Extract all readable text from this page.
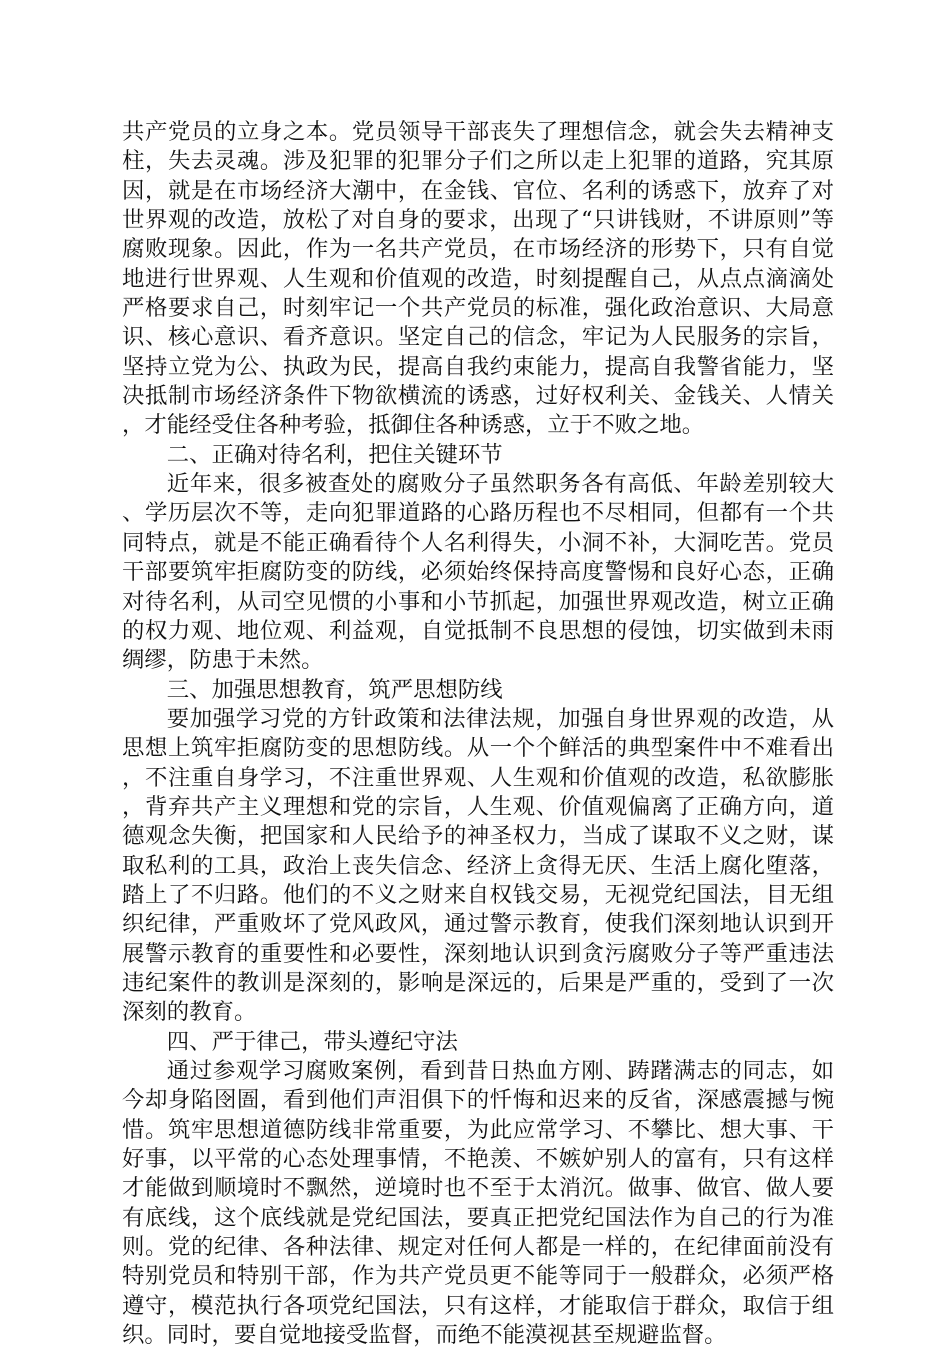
共产党员的立身之本。党员领导干部丧失了理想信念，就会失去精神支柱，失去灵魂。涉及犯罪的犯罪分子们之所以走上犯罪的道路，究其原因，就是在市场经济大潮中，在金钱、官位、名利的诱惑下，放弃了对世界观的改造，放松了对自身的要求，出现了“只讲钱财，不讲原则”等腐败现象。因此，作为一名共产党员，在市场经济的形势下，只有自觉地进行世界观、人生观和价值观的改造，时刻提醒自己，从点点滴滴处严格要求自己，时刻牢记一个共产党员的标准，强化政治意识、大局意识、核心意识、看齐意识。坚定自己的信念，牢记为人民服务的宗旨，坚持立党为公、执政为民，提高自我约束能力，提高自我警省能力，坚决抵制市场经济条件下物欲横流的诱惑，过好权利关、金钱关、人情关，才能经受住各种考验，抵御住各种诱惑，立于不败之地。

二、正确对待名利，把住关键环节

近年来，很多被查处的腐败分子虽然职务各有高低、年龄差别较大、学历层次不等，走向犯罪道路的心路历程也不尽相同，但都有一个共同特点，就是不能正确看待个人名利得失，小洞不补，大洞吃苦。党员干部要筑牢拒腐防变的防线，必须始终保持高度警惕和良好心态，正确对待名利，从司空见惯的小事和小节抓起，加强世界观改造，树立正确的权力观、地位观、利益观，自觉抵制不良思想的侵蚀，切实做到未雨绸缪，防患于未然。

三、加强思想教育，筑严思想防线

要加强学习党的方针政策和法律法规，加强自身世界观的改造，从思想上筑牢拒腐防变的思想防线。从一个个鲜活的典型案件中不难看出，不注重自身学习，不注重世界观、人生观和价值观的改造，私欲膨胀，背弃共产主义理想和党的宗旨，人生观、价值观偏离了正确方向，道德观念失衡，把国家和人民给予的神圣权力，当成了谋取不义之财，谋取私利的工具，政治上丧失信念、经济上贪得无厌、生活上腐化堕落，踏上了不归路。他们的不义之财来自权钱交易，无视党纪国法，目无组织纪律，严重败坏了党风政风，通过警示教育，使我们深刻地认识到开展警示教育的重要性和必要性，深刻地认识到贪污腐败分子等严重违法违纪案件的教训是深刻的，影响是深远的，后果是严重的，受到了一次深刻的教育。

四、严于律己，带头遵纪守法

通过参观学习腐败案例，看到昔日热血方刚、踌躇满志的同志，如今却身陷囹圄，看到他们声泪俱下的忏悔和迟来的反省，深感震撼与惋惜。筑牢思想道德防线非常重要，为此应常学习、不攀比、想大事、干好事，以平常的心态处理事情，不艳羡、不嫉妒别人的富有，只有这样才能做到顺境时不飘然，逆境时也不至于太消沉。做事、做官、做人要有底线，这个底线就是党纪国法，要真正把党纪国法作为自己的行为准则。党的纪律、各种法律、规定对任何人都是一样的，在纪律面前没有特别党员和特别干部，作为共产党员更不能等同于一般群众，必须严格遵守，模范执行各项党纪国法，只有这样，才能取信于群众，取信于组织。同时，要自觉地接受监督，而绝不能漠视甚至规避监督。
